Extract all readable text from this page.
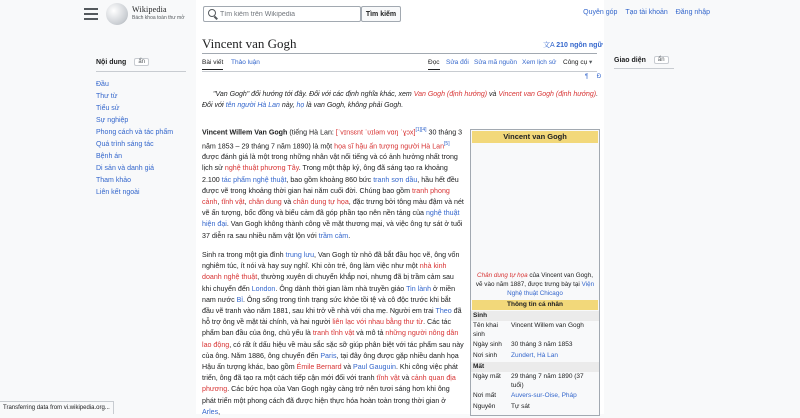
Wikipedia
Bách khoa toàn thư mở
Tìm kiếm trên Wikipedia
Tìm kiếm	Quyên góp Tạo tài khoản Đăng nhập
Nội dung	ẩn
Đầu
Thư từ
Tiểu sử
Sự nghiệp
Phong cách và tác phẩm
Quá trình sáng tác
Bệnh án
Di sản và danh giá
Tham khảo
Liên kết ngoài
Giao diện	ẩn
Vincent van Gogh
文A	210 ngôn ngữ
Bài viết Thảo luận	Đọc Sửa đổi Sửa mã nguồn Xem lịch sử Công cụ ▾
¶ Đ
"Van Gogh" đổi hướng tới đây. Đối với các định nghĩa khác, xem Van Gogh (định hướng) và Vincent van Gogh (định hướng).
Đối với tên người Hà Lan này, họ là van Gogh, không phải Gogh.

Vincent Willem Van Gogh (tiếng Hà Lan: [ˈvɪnsɛnt ˈʋɪləm vɑŋ ˈɣɔx][1][4] 30 tháng 3 năm 1853 – 29 tháng 7 năm 1890) là một họa sĩ hậu ấn tượng người Hà Lan[5] được đánh giá là một trong những nhân vật nổi tiếng và có ảnh hưởng nhất trong lịch sử nghệ thuật phương Tây. Trong một thập kỷ, ông đã sáng tạo ra khoảng 2.100 tác phẩm nghệ thuật, bao gồm khoảng 860 bức tranh sơn dầu, hầu hết đều được vẽ trong khoảng thời gian hai năm cuối đời. Chúng bao gồm tranh phong cảnh, tĩnh vật, chân dung và chân dung tự họa, đặc trưng bởi tông màu đậm và nét vẽ ấn tượng, bốc đồng và biểu cảm đã góp phần tạo nên nền tảng của nghệ thuật hiện đại. Van Gogh không thành công về mặt thương mại, và việc ông tự sát ở tuổi 37 diễn ra sau nhiều năm vật lộn với trầm cảm.

Sinh ra trong một gia đình trung lưu, Van Gogh từ nhỏ đã bắt đầu học vẽ, ông vốn nghiêm túc, ít nói và hay suy nghĩ. Khi còn trẻ, ông làm việc như một nhà kinh doanh nghệ thuật, thường xuyên di chuyển khắp nơi, nhưng đã bị trầm cảm sau khi chuyển đến London. Ông dành thời gian làm nhà truyền giáo Tin lành ở miền nam nước Bỉ. Ông sống trong tình trạng sức khỏe tồi tệ và cô độc trước khi bắt đầu vẽ tranh vào năm 1881, sau khi trở về nhà với cha mẹ. Người em trai Theo đã hỗ trợ ông về mặt tài chính, và hai người liên lạc với nhau bằng thư từ. Các tác phẩm ban đầu của ông, chủ yếu là tranh tĩnh vật và mô tả những người nông dân lao động, có rất ít dấu hiệu về màu sắc sặc sỡ giúp phân biệt với tác phẩm sau này của ông. Năm 1886, ông chuyển đến Paris, tại đây ông được gặp nhiều danh họa Hậu ấn tượng khác, bao gồm Émile Bernard và Paul Gauguin. Khi công việc phát triển, ông đã tạo ra một cách tiếp cận mới đối với tranh tĩnh vật và cảnh quan địa phương. Các bức họa của Van Gogh ngày càng trở nên tươi sáng hơn khi ông phát triển một phong cách đã được hiện thực hóa hoàn toàn trong thời gian ở Arles,

Vincent van Gogh
Chân dung tự họa của Vincent van Gogh, vẽ vào năm 1887, được trưng bày tại Viện Nghệ thuật Chicago
Thông tin cá nhân
Sinh
Tên khai sinh
Vincent Willem van Gogh
Ngày sinh	30 tháng 3 năm 1853
Nơi sinh	Zundert, Hà Lan
Mất
Ngày mất	29 tháng 7 năm 1890 (37 tuổi)
Nơi mất	Auvers-sur-Oise, Pháp
Nguyên	Tự sát
Transferring data from vi.wikipedia.org...
